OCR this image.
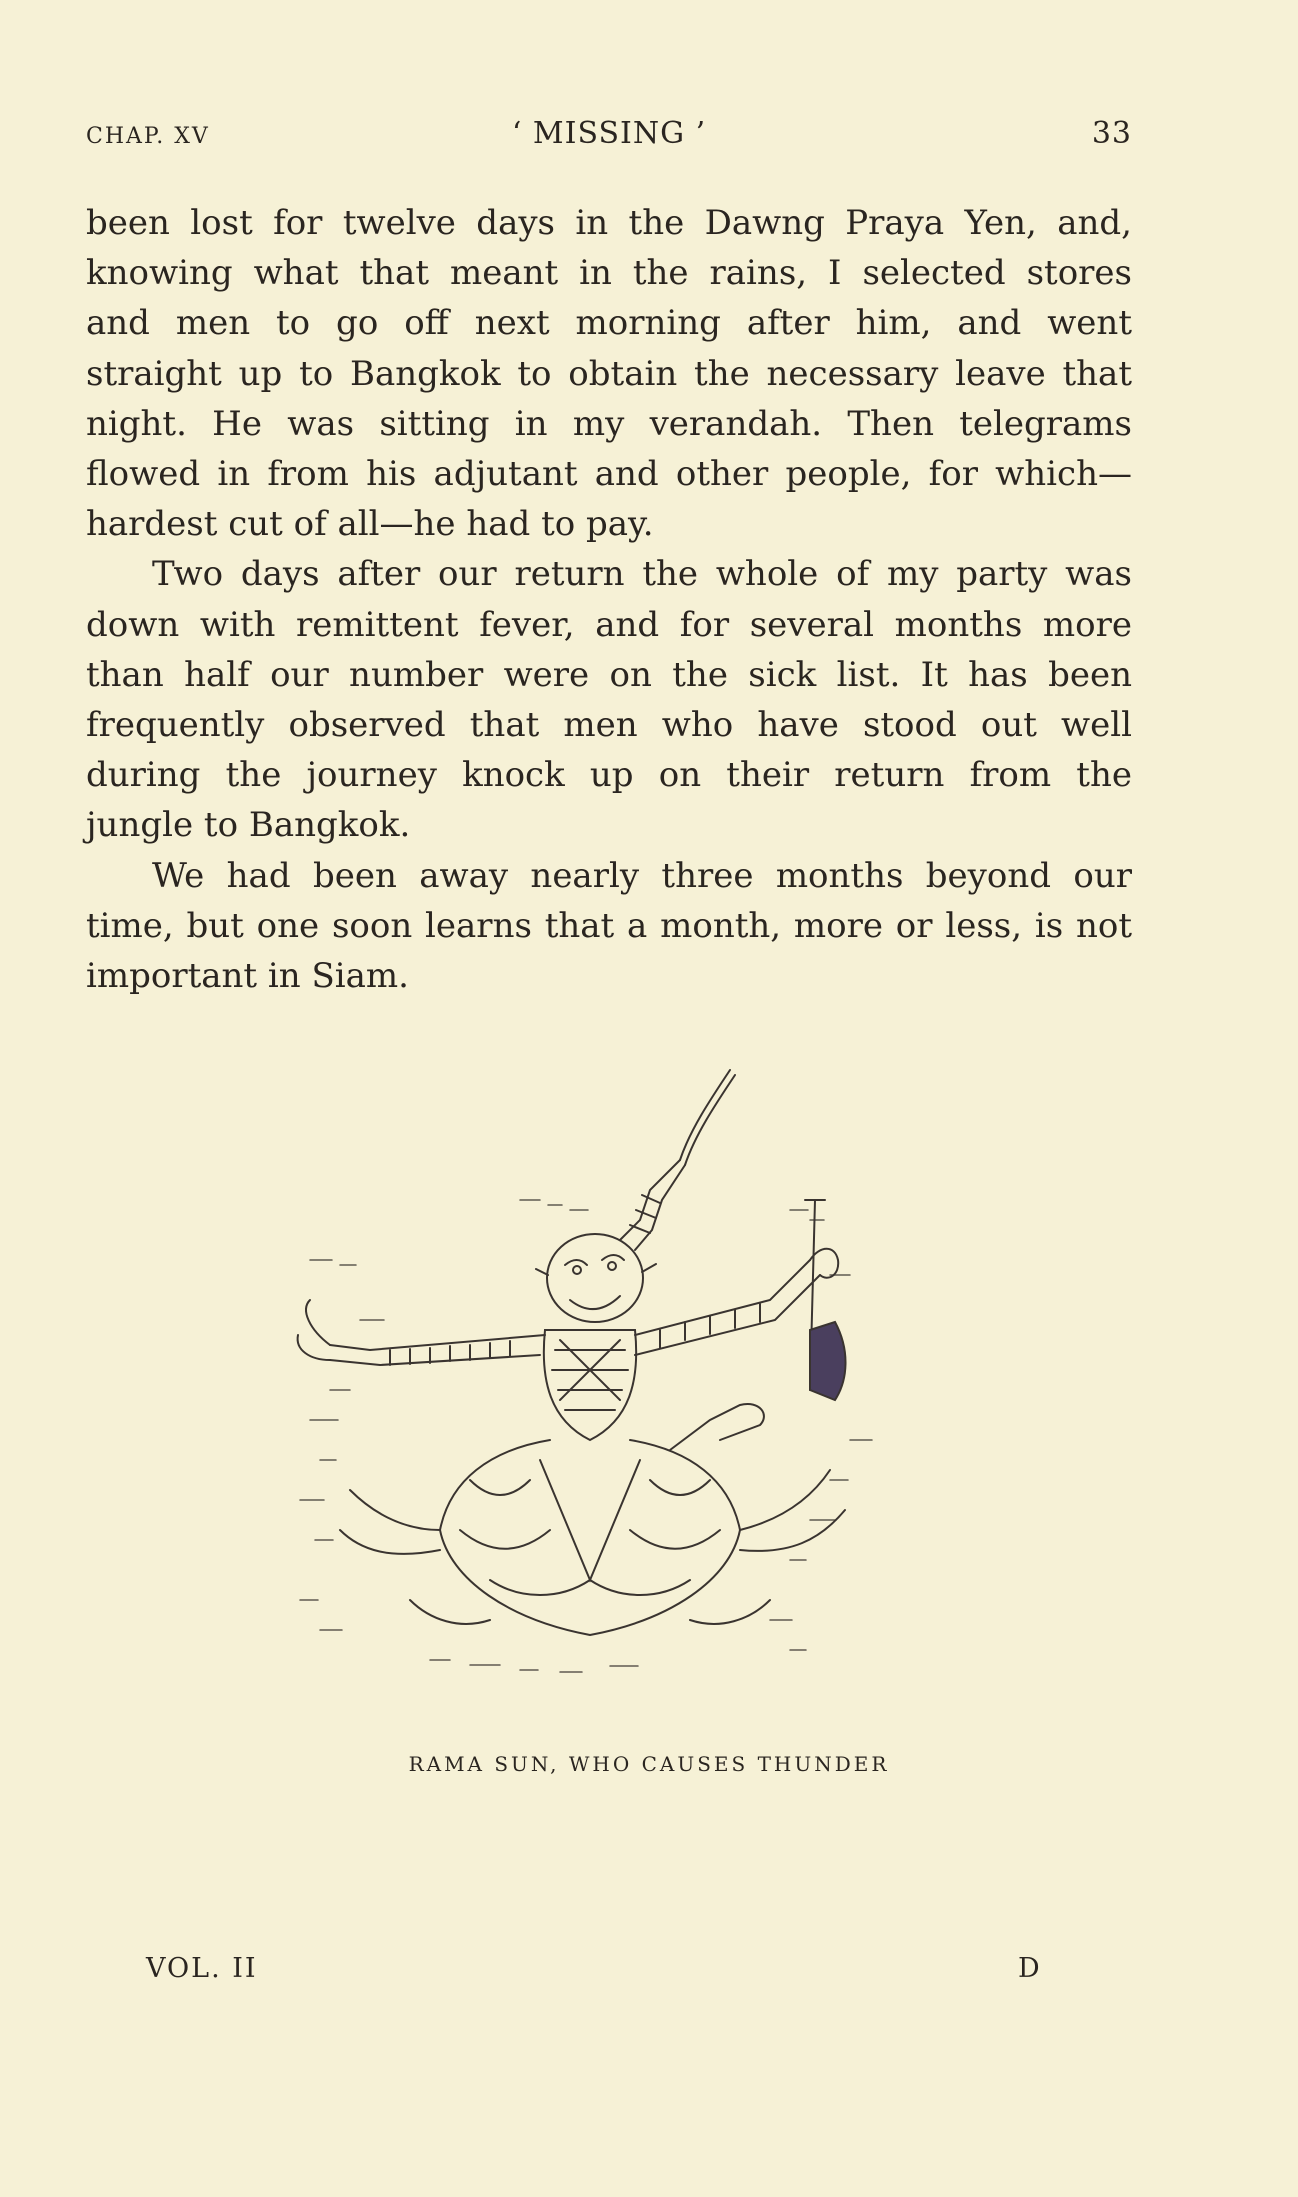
CHAP. XV	‘ MISSING ’	33

been lost for twelve days in the Dawng Praya Yen, and,
knowing what that meant in the rains, I selected stores
and men to go off next morning after him, and went
straight up to Bangkok to obtain the necessary leave that
night. He was sitting in my verandah. Then telegrams
flowed in from his adjutant and other people, for which—
hardest cut of all—he had to pay.

Two days after our return the whole of my party was
down with remittent fever, and for several months more
than half our number were on the sick list. It has been
frequently observed that men who have stood out well
during the journey knock up on their return from the
jungle to Bangkok.

We had been away nearly three months beyond our
time, but one soon learns that a month, more or less, is not
important in Siam.

RAMA SUN, WHO CAUSES THUNDER
VOL. II	D
